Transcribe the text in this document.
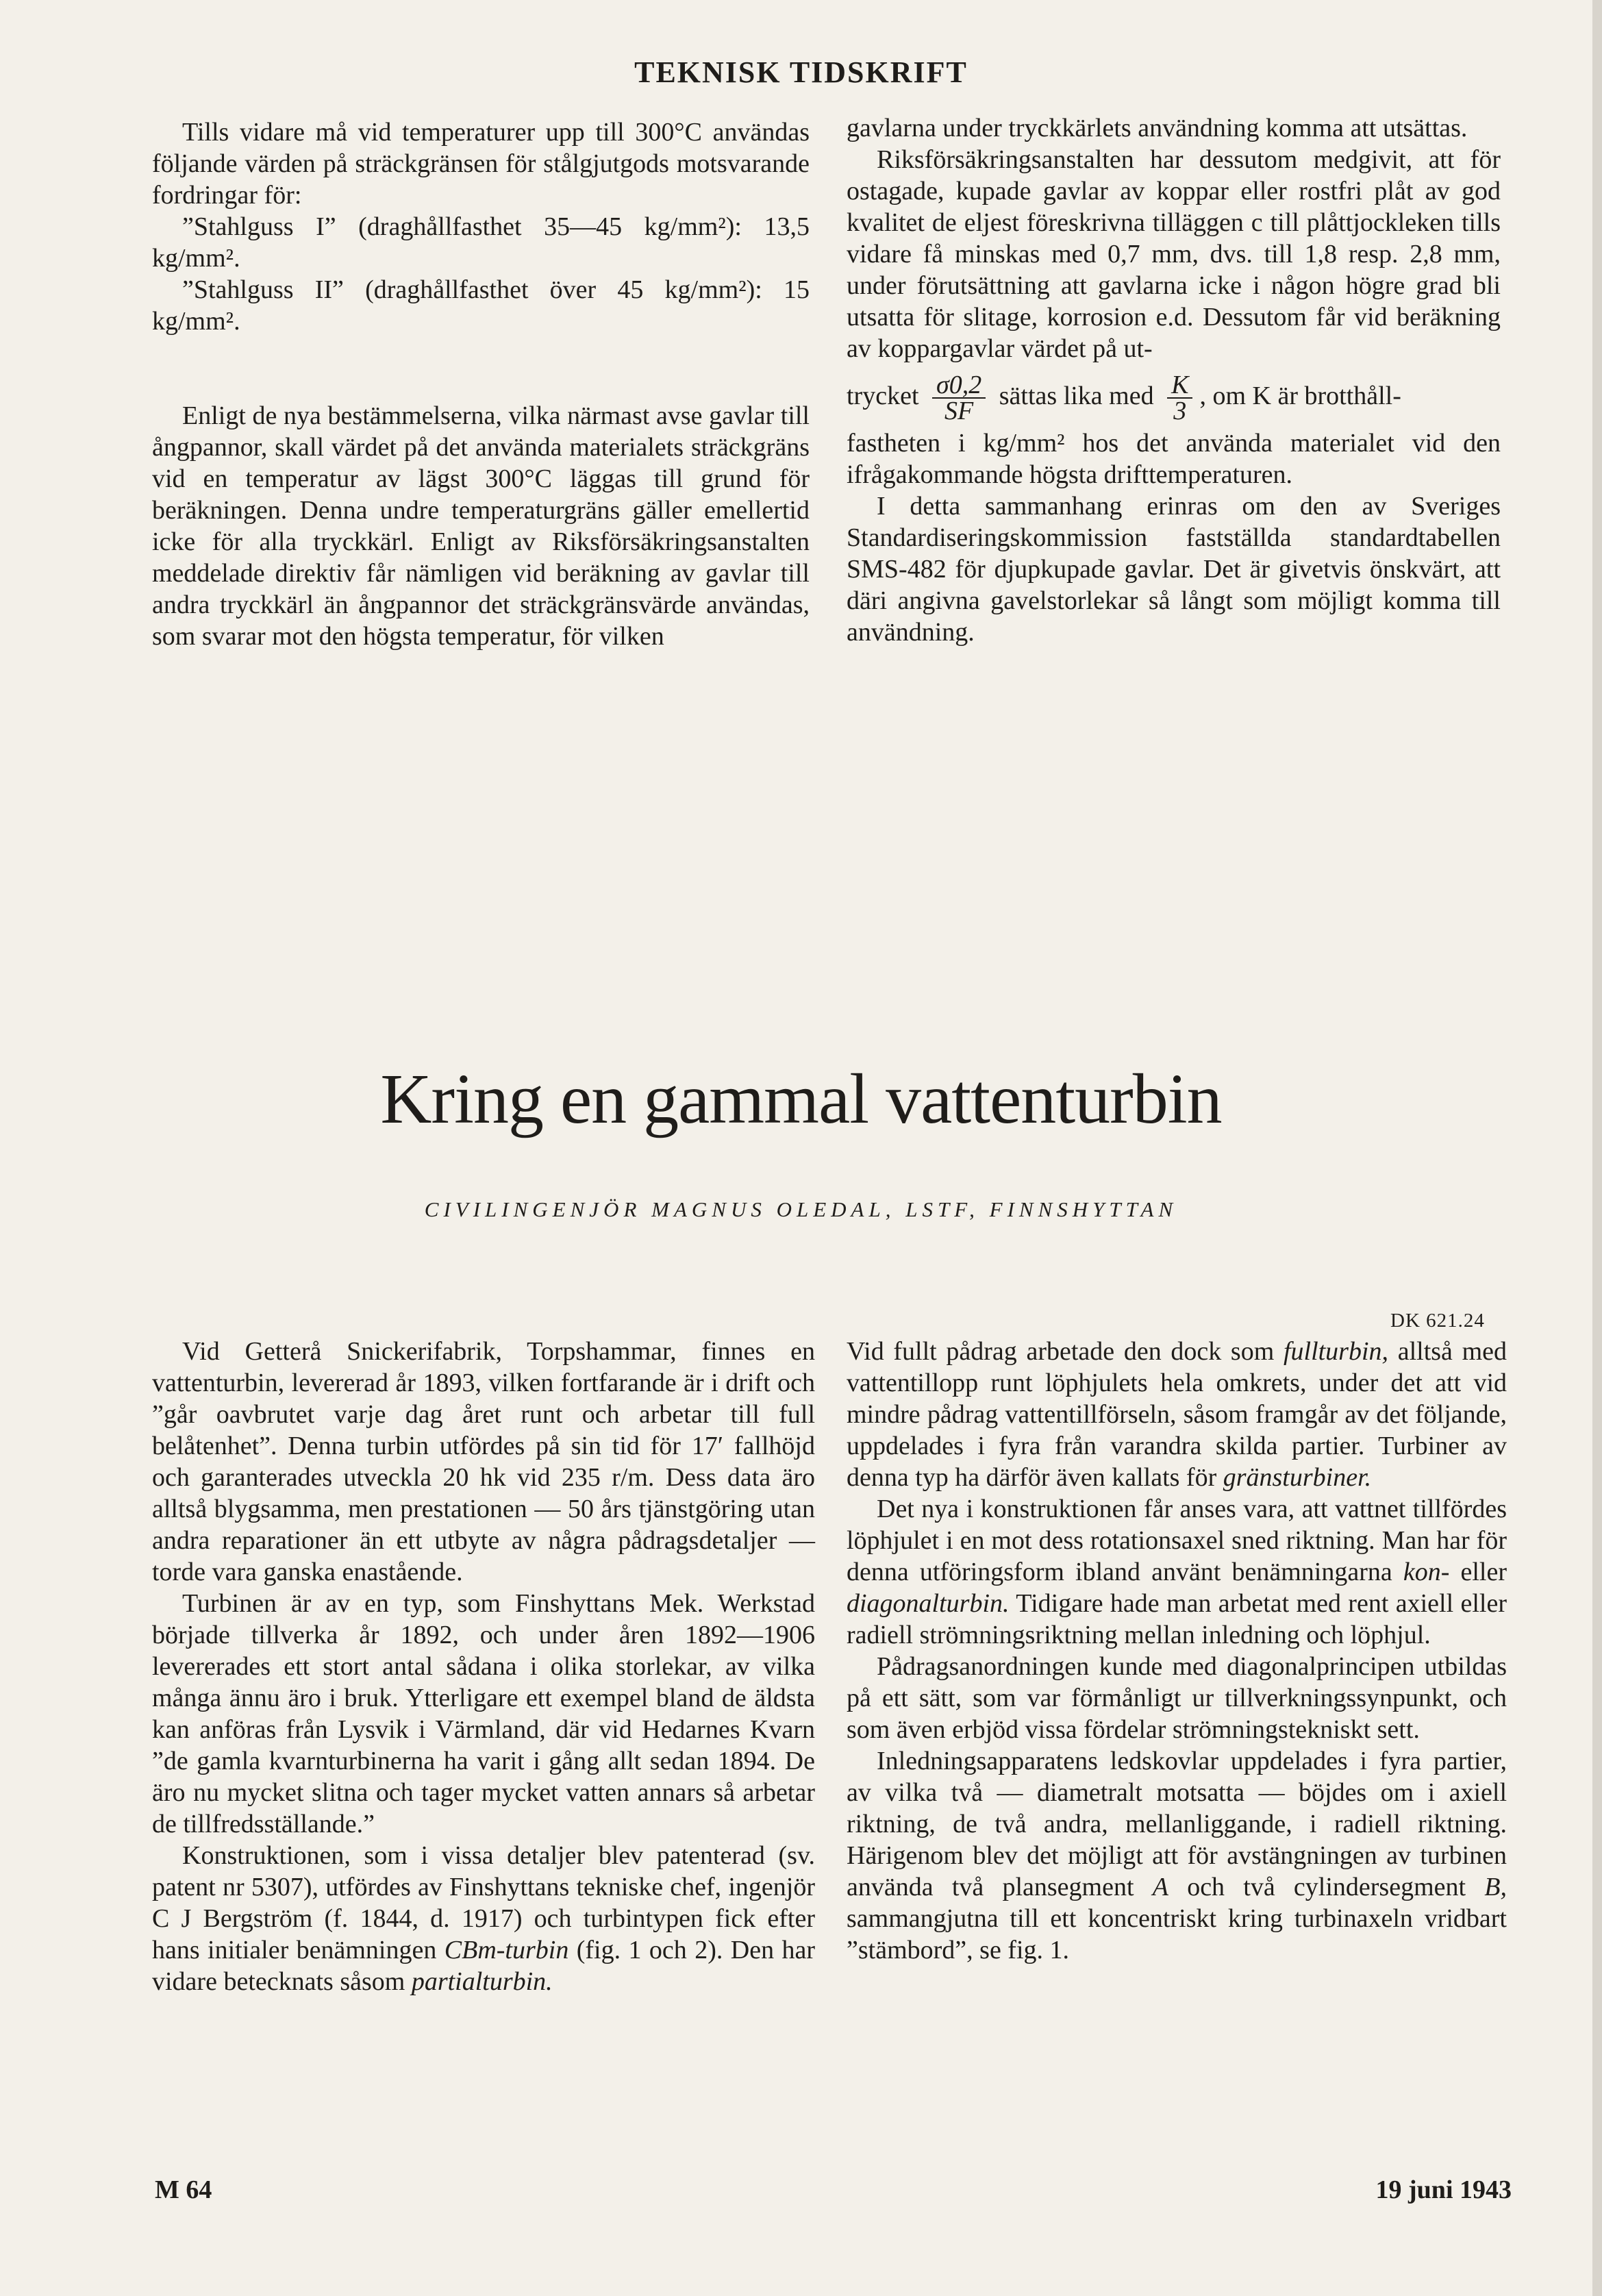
TEKNISK TIDSKRIFT

Tills vidare må vid temperaturer upp till 300°C användas följande värden på sträckgränsen för stålgjutgods motsvarande fordringar för:

”Stahlguss I” (draghållfasthet 35—45 kg/mm²): 13,5 kg/mm².

”Stahlguss II” (draghållfasthet över 45 kg/mm²): 15 kg/mm².

Enligt de nya bestämmelserna, vilka närmast avse gavlar till ångpannor, skall värdet på det använda materialets sträckgräns vid en temperatur av lägst 300°C läggas till grund för beräkningen. Denna undre temperaturgräns gäller emellertid icke för alla tryckkärl. Enligt av Riksförsäkringsanstalten meddelade direktiv får nämligen vid beräkning av gavlar till andra tryckkärl än ångpannor det sträckgränsvärde användas, som svarar mot den högsta temperatur, för vilken

gavlarna under tryckkärlets användning komma att utsättas.

Riksförsäkringsanstalten har dessutom medgivit, att för ostagade, kupade gavlar av koppar eller rostfri plåt av god kvalitet de eljest föreskrivna tilläggen c till plåttjockleken tills vidare få minskas med 0,7 mm, dvs. till 1,8 resp. 2,8 mm, under förutsättning att gavlarna icke i någon högre grad bli utsatta för slitage, korrosion e.d. Dessutom får vid beräkning av koppargavlar värdet på ut-

trycket $\frac{\sigma 0,2}{SF}$ sättas lika med $\frac{K}{3}$ , om K är brotthåll-

fastheten i kg/mm² hos det använda materialet vid den ifrågakommande högsta drifttemperaturen.

I detta sammanhang erinras om den av Sveriges Standardiseringskommission fastställda standardtabellen SMS-482 för djupkupade gavlar. Det är givetvis önskvärt, att däri angivna gavelstorlekar så långt som möjligt komma till användning.

Kring en gammal vattenturbin
CIVILINGENJÖR MAGNUS OLEDAL, LSTF, FINNSHYTTAN
DK 621.24

Vid Getterå Snickerifabrik, Torpshammar, finnes en vattenturbin, levererad år 1893, vilken fortfarande är i drift och ”går oavbrutet varje dag året runt och arbetar till full belåtenhet”. Denna turbin utfördes på sin tid för 17′ fallhöjd och garanterades utveckla 20 hk vid 235 r/m. Dess data äro alltså blygsamma, men prestationen — 50 års tjänstgöring utan andra reparationer än ett utbyte av några pådragsdetaljer — torde vara ganska enastående.

Turbinen är av en typ, som Finshyttans Mek. Werkstad började tillverka år 1892, och under åren 1892—1906 levererades ett stort antal sådana i olika storlekar, av vilka många ännu äro i bruk. Ytterligare ett exempel bland de äldsta kan anföras från Lysvik i Värmland, där vid Hedarnes Kvarn ”de gamla kvarnturbinerna ha varit i gång allt sedan 1894. De äro nu mycket slitna och tager mycket vatten annars så arbetar de tillfredsställande.”

Konstruktionen, som i vissa detaljer blev patenterad (sv. patent nr 5307), utfördes av Finshyttans tekniske chef, ingenjör C J Bergström (f. 1844, d. 1917) och turbintypen fick efter hans initialer benämningen CBm-turbin (fig. 1 och 2). Den har vidare betecknats såsom partialturbin.

Vid fullt pådrag arbetade den dock som fullturbin, alltså med vattentillopp runt löphjulets hela omkrets, under det att vid mindre pådrag vattentillförseln, såsom framgår av det följande, uppdelades i fyra från varandra skilda partier. Turbiner av denna typ ha därför även kallats för gränsturbiner.

Det nya i konstruktionen får anses vara, att vattnet tillfördes löphjulet i en mot dess rotationsaxel sned riktning. Man har för denna utföringsform ibland använt benämningarna kon- eller diagonalturbin. Tidigare hade man arbetat med rent axiell eller radiell strömningsriktning mellan inledning och löphjul.

Pådragsanordningen kunde med diagonalprincipen utbildas på ett sätt, som var förmånligt ur tillverkningssynpunkt, och som även erbjöd vissa fördelar strömningstekniskt sett.

Inledningsapparatens ledskovlar uppdelades i fyra partier, av vilka två — diametralt motsatta — böjdes om i axiell riktning, de två andra, mellanliggande, i radiell riktning. Härigenom blev det möjligt att för avstängningen av turbinen använda två plansegment A och två cylindersegment B, sammangjutna till ett koncentriskt kring turbinaxeln vridbart ”stämbord”, se fig. 1.

M 64	19 juni 1943
